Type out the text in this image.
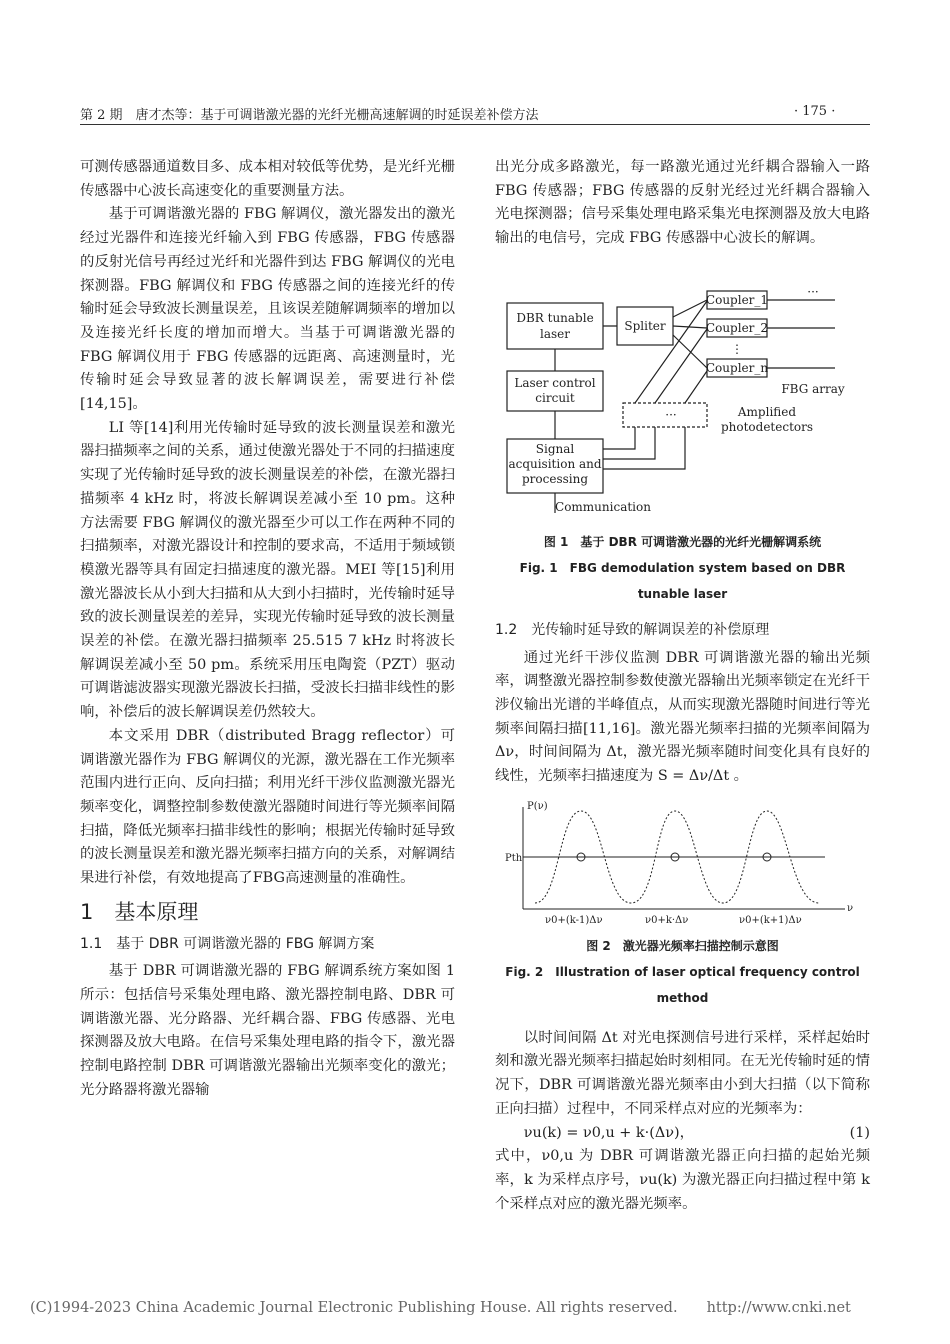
第 2 期　唐才杰等：基于可调谐激光器的光纤光栅高速解调的时延误差补偿方法	· 175 ·

可测传感器通道数目多、成本相对较低等优势，是光纤光栅传感器中心波长高速变化的重要测量方法。

基于可调谐激光器的 FBG 解调仪，激光器发出的激光经过光器件和连接光纤输入到 FBG 传感器，FBG 传感器的反射光信号再经过光纤和光器件到达 FBG 解调仪的光电探测器。FBG 解调仪和 FBG 传感器之间的连接光纤的传输时延会导致波长测量误差，且该误差随解调频率的增加以及连接光纤长度的增加而增大。当基于可调谐激光器的 FBG 解调仪用于 FBG 传感器的远距离、高速测量时，光传输时延会导致显著的波长解调误差，需要进行补偿[14,15]。

LI 等[14]利用光传输时延导致的波长测量误差和激光器扫描频率之间的关系，通过使激光器处于不同的扫描速度实现了光传输时延导致的波长测量误差的补偿，在激光器扫描频率 4 kHz 时，将波长解调误差减小至 10 pm。这种方法需要 FBG 解调仪的激光器至少可以工作在两种不同的扫描频率，对激光器设计和控制的要求高，不适用于频域锁模激光器等具有固定扫描速度的激光器。MEI 等[15]利用激光器波长从小到大扫描和从大到小扫描时，光传输时延导致的波长测量误差的差异，实现光传输时延导致的波长测量误差的补偿。在激光器扫描频率 25.515 7 kHz 时将波长解调误差减小至 50 pm。系统采用压电陶瓷（PZT）驱动可调谐滤波器实现激光器波长扫描，受波长扫描非线性的影响，补偿后的波长解调误差仍然较大。

本文采用 DBR（distributed Bragg reflector）可调谐激光器作为 FBG 解调仪的光源，激光器在工作光频率范围内进行正向、反向扫描；利用光纤干涉仪监测激光器光频率变化，调整控制参数使激光器随时间进行等光频率间隔扫描，降低光频率扫描非线性的影响；根据光传输时延导致的波长测量误差和激光器光频率扫描方向的关系，对解调结果进行补偿，有效地提高了FBG高速测量的准确性。

1　基本原理
1.1　基于 DBR 可调谐激光器的 FBG 解调方案

基于 DBR 可调谐激光器的 FBG 解调系统方案如图 1 所示：包括信号采集处理电路、激光器控制电路、DBR 可调谐激光器、光分路器、光纤耦合器、FBG 传感器、光电探测器及放大电路。在信号采集处理电路的指令下，激光器控制电路控制 DBR 可调谐激光器输出光频率变化的激光；光分路器将激光器输

出光分成多路激光，每一路激光通过光纤耦合器输入一路 FBG 传感器；FBG 传感器的反射光经过光纤耦合器输入光电探测器；信号采集处理电路采集光电探测器及放大电路输出的电信号，完成 FBG 传感器中心波长的解调。

DBR tunable
laser
Spliter
Coupler_1
Coupler_2
⋮
Coupler_n
Laser control
circuit
Signal
acquisition and
processing
FBG array
···
···	Amplified
photodetectors
Communication
图 1　基于 DBR 可调谐激光器的光纤光栅解调系统
Fig. 1　FBG demodulation system based on DBR tunable laser
1.2　光传输时延导致的解调误差的补偿原理

通过光纤干涉仪监测 DBR 可调谐激光器的输出光频率，调整激光器控制参数使激光器输出光频率锁定在光纤干涉仪输出光谱的半峰值点，从而实现激光器随时间进行等光频率间隔扫描[11,16]。激光器光频率扫描的光频率间隔为 Δν，时间间隔为 Δt，激光器光频率随时间变化具有良好的线性，光频率扫描速度为 S = Δν/Δt 。

P(ν)
Pth
ν
ν0+(k-1)Δν	ν0+k·Δν	ν0+(k+1)Δν
图 2　激光器光频率扫描控制示意图
Fig. 2　Illustration of laser optical frequency control method

以时间间隔 Δt 对光电探测信号进行采样，采样起始时刻和激光器光频率扫描起始时刻相同。在无光传输时延的情况下，DBR 可调谐激光器光频率由小到大扫描（以下简称正向扫描）过程中，不同采样点对应的光频率为：

νu(k) = ν0,u + k·(Δν)，	(1)

式中，ν0,u 为 DBR 可调谐激光器正向扫描的起始光频率，k 为采样点序号，νu(k) 为激光器正向扫描过程中第 k 个采样点对应的激光器光频率。

(C)1994-2023 China Academic Journal Electronic Publishing House. All rights reserved.　　http://www.cnki.net
